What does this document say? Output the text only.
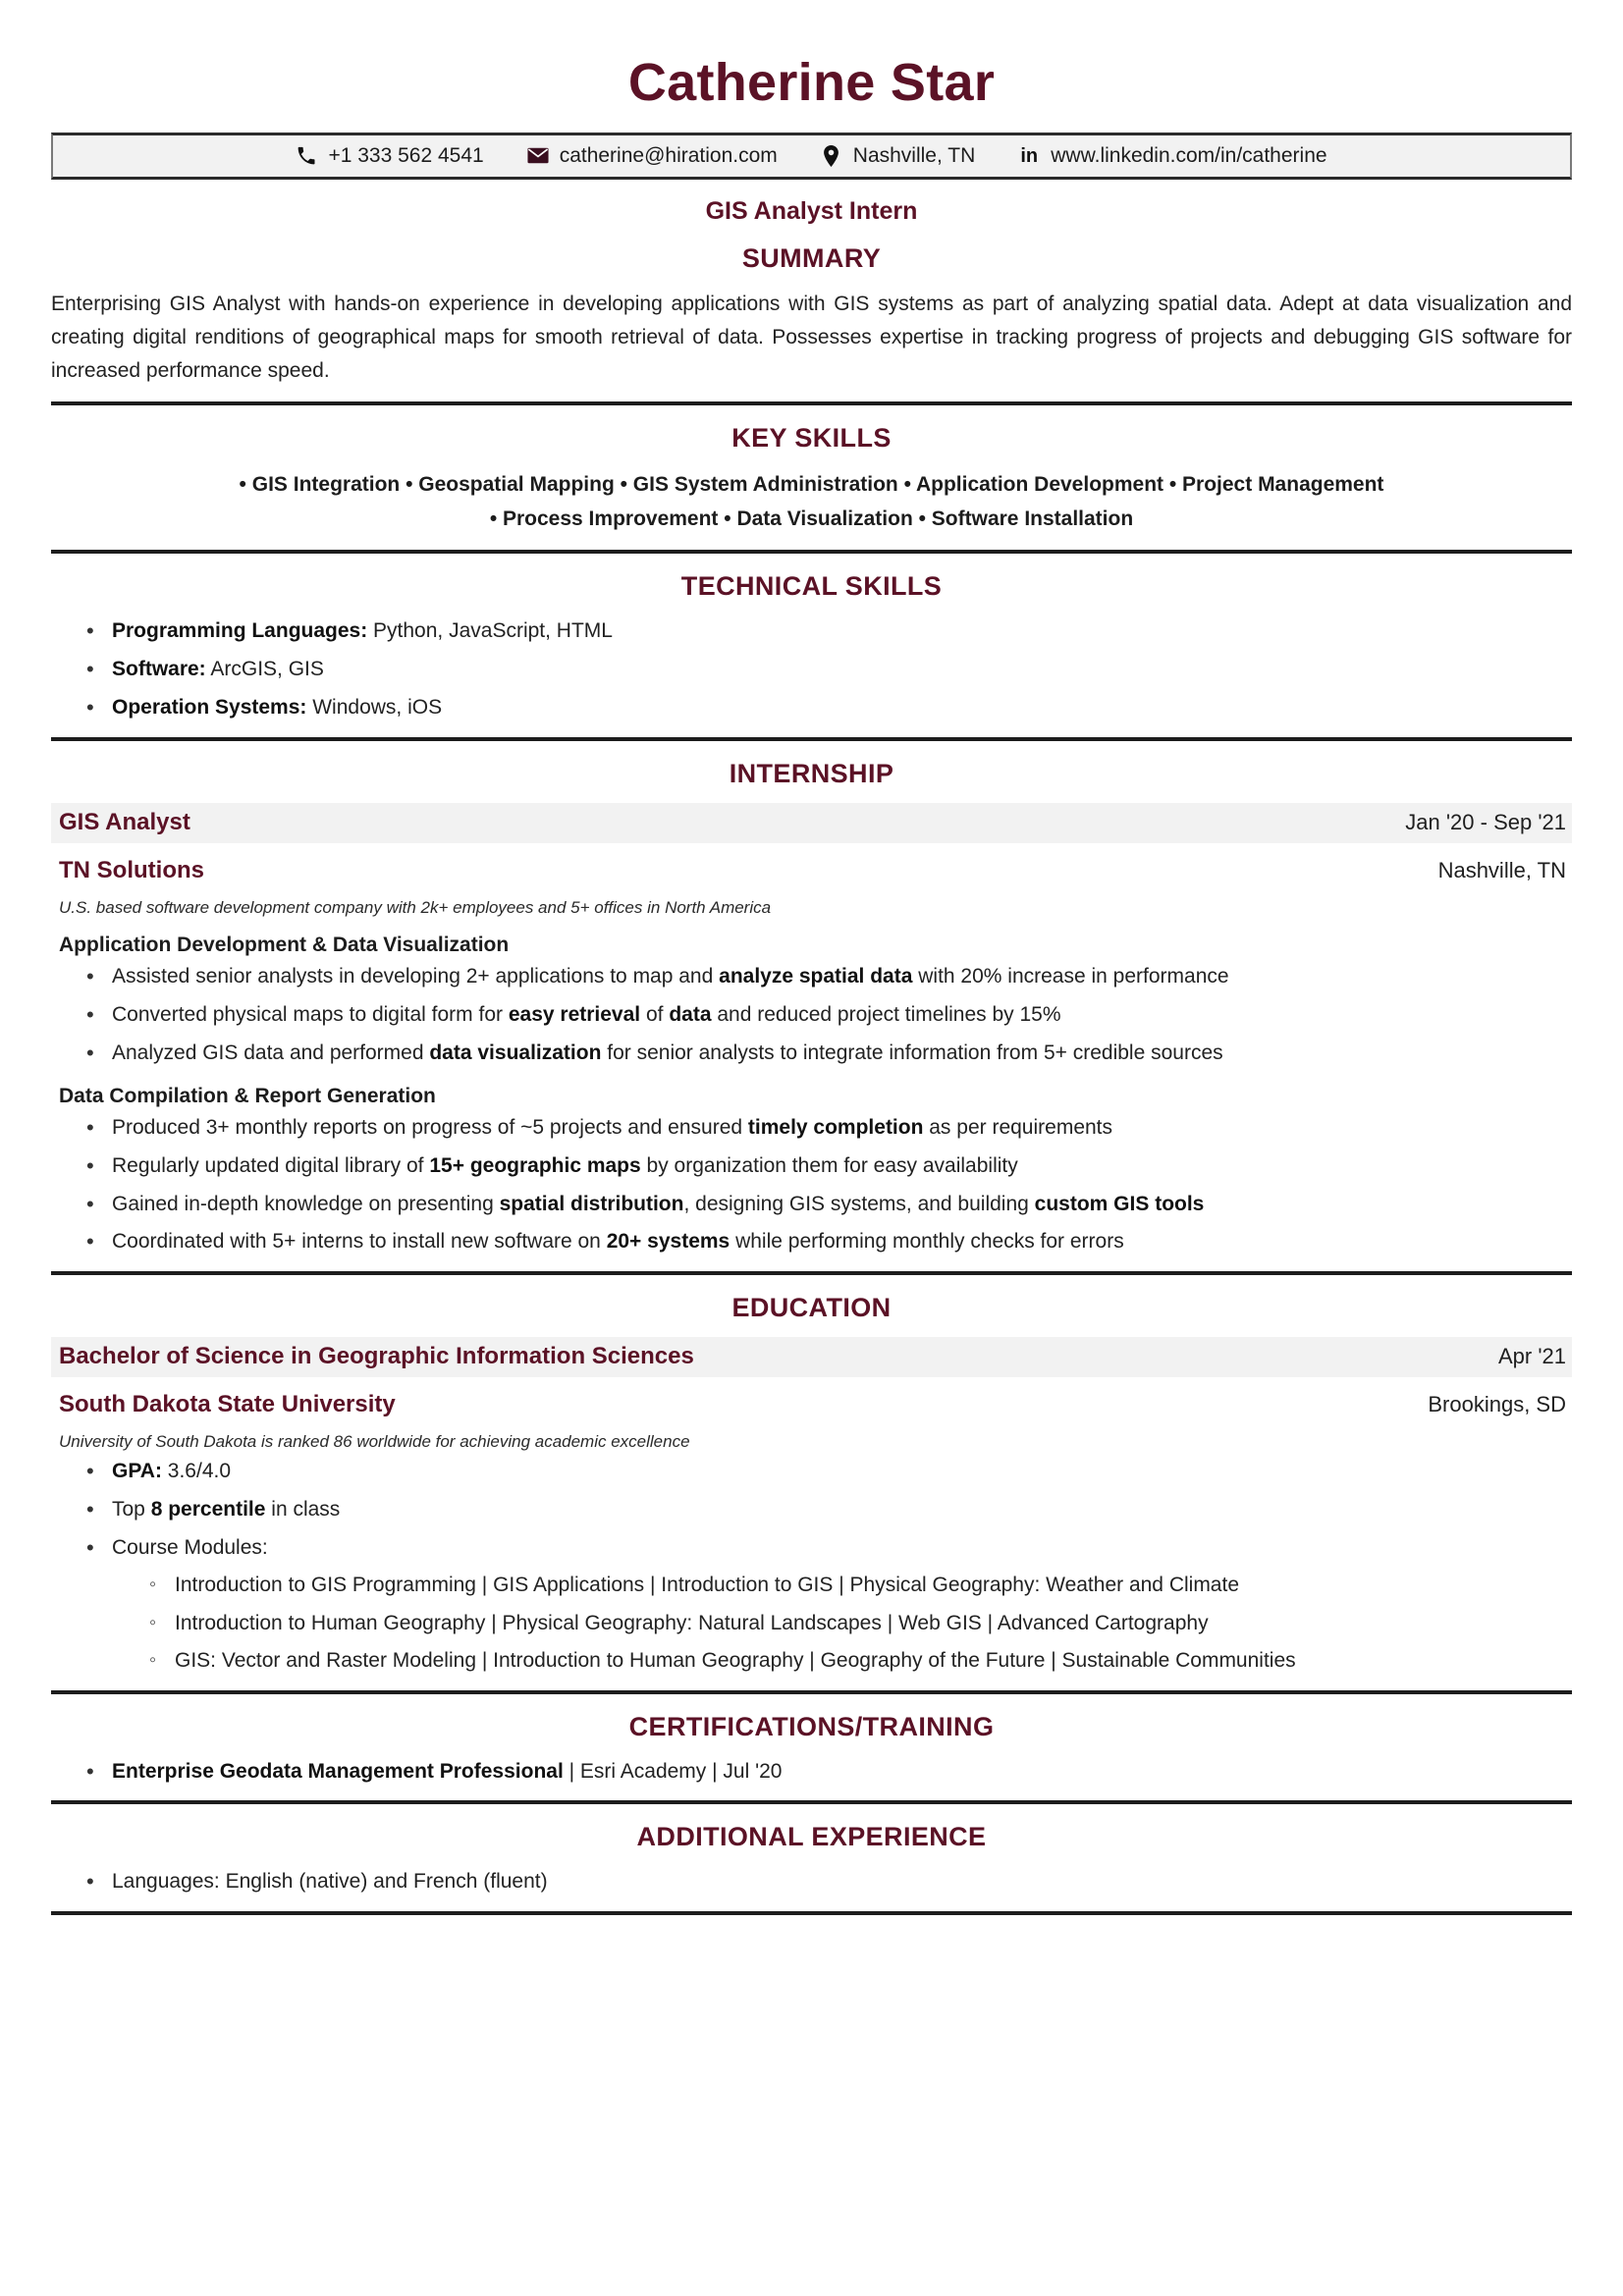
Catherine Star
+1 333 562 4541	catherine@hiration.com	Nashville, TN in www.linkedin.com/in/catherine
GIS Analyst Intern
SUMMARY

Enterprising GIS Analyst with hands-on experience in developing applications with GIS systems as part of analyzing spatial data. Adept at data visualization and creating digital renditions of geographical maps for smooth retrieval of data. Possesses expertise in tracking progress of projects and debugging GIS software for increased performance speed.

KEY SKILLS
• GIS Integration • Geospatial Mapping • GIS System Administration • Application Development • Project Management
• Process Improvement • Data Visualization • Software Installation
TECHNICAL SKILLS
• Programming Languages: Python, JavaScript, HTML
• Software: ArcGIS, GIS
• Operation Systems: Windows, iOS
INTERNSHIP
GIS Analyst	Jan '20 - Sep '21
TN Solutions	Nashville, TN
U.S. based software development company with 2k+ employees and 5+ offices in North America
Application Development & Data Visualization
• Assisted senior analysts in developing 2+ applications to map and analyze spatial data with 20% increase in performance
• Converted physical maps to digital form for easy retrieval of data and reduced project timelines by 15%
• Analyzed GIS data and performed data visualization for senior analysts to integrate information from 5+ credible sources
Data Compilation & Report Generation
• Produced 3+ monthly reports on progress of ~5 projects and ensured timely completion as per requirements
• Regularly updated digital library of 15+ geographic maps by organization them for easy availability
• Gained in-depth knowledge on presenting spatial distribution, designing GIS systems, and building custom GIS tools
• Coordinated with 5+ interns to install new software on 20+ systems while performing monthly checks for errors
EDUCATION
Bachelor of Science in Geographic Information Sciences	Apr '21
South Dakota State University	Brookings, SD
University of South Dakota is ranked 86 worldwide for achieving academic excellence
• GPA: 3.6/4.0
• Top 8 percentile in class
• Course Modules:
◦ Introduction to GIS Programming | GIS Applications | Introduction to GIS | Physical Geography: Weather and Climate
◦ Introduction to Human Geography | Physical Geography: Natural Landscapes | Web GIS | Advanced Cartography
◦ GIS: Vector and Raster Modeling | Introduction to Human Geography | Geography of the Future | Sustainable Communities
CERTIFICATIONS/TRAINING
• Enterprise Geodata Management Professional | Esri Academy | Jul '20
ADDITIONAL EXPERIENCE
• Languages: English (native) and French (fluent)
